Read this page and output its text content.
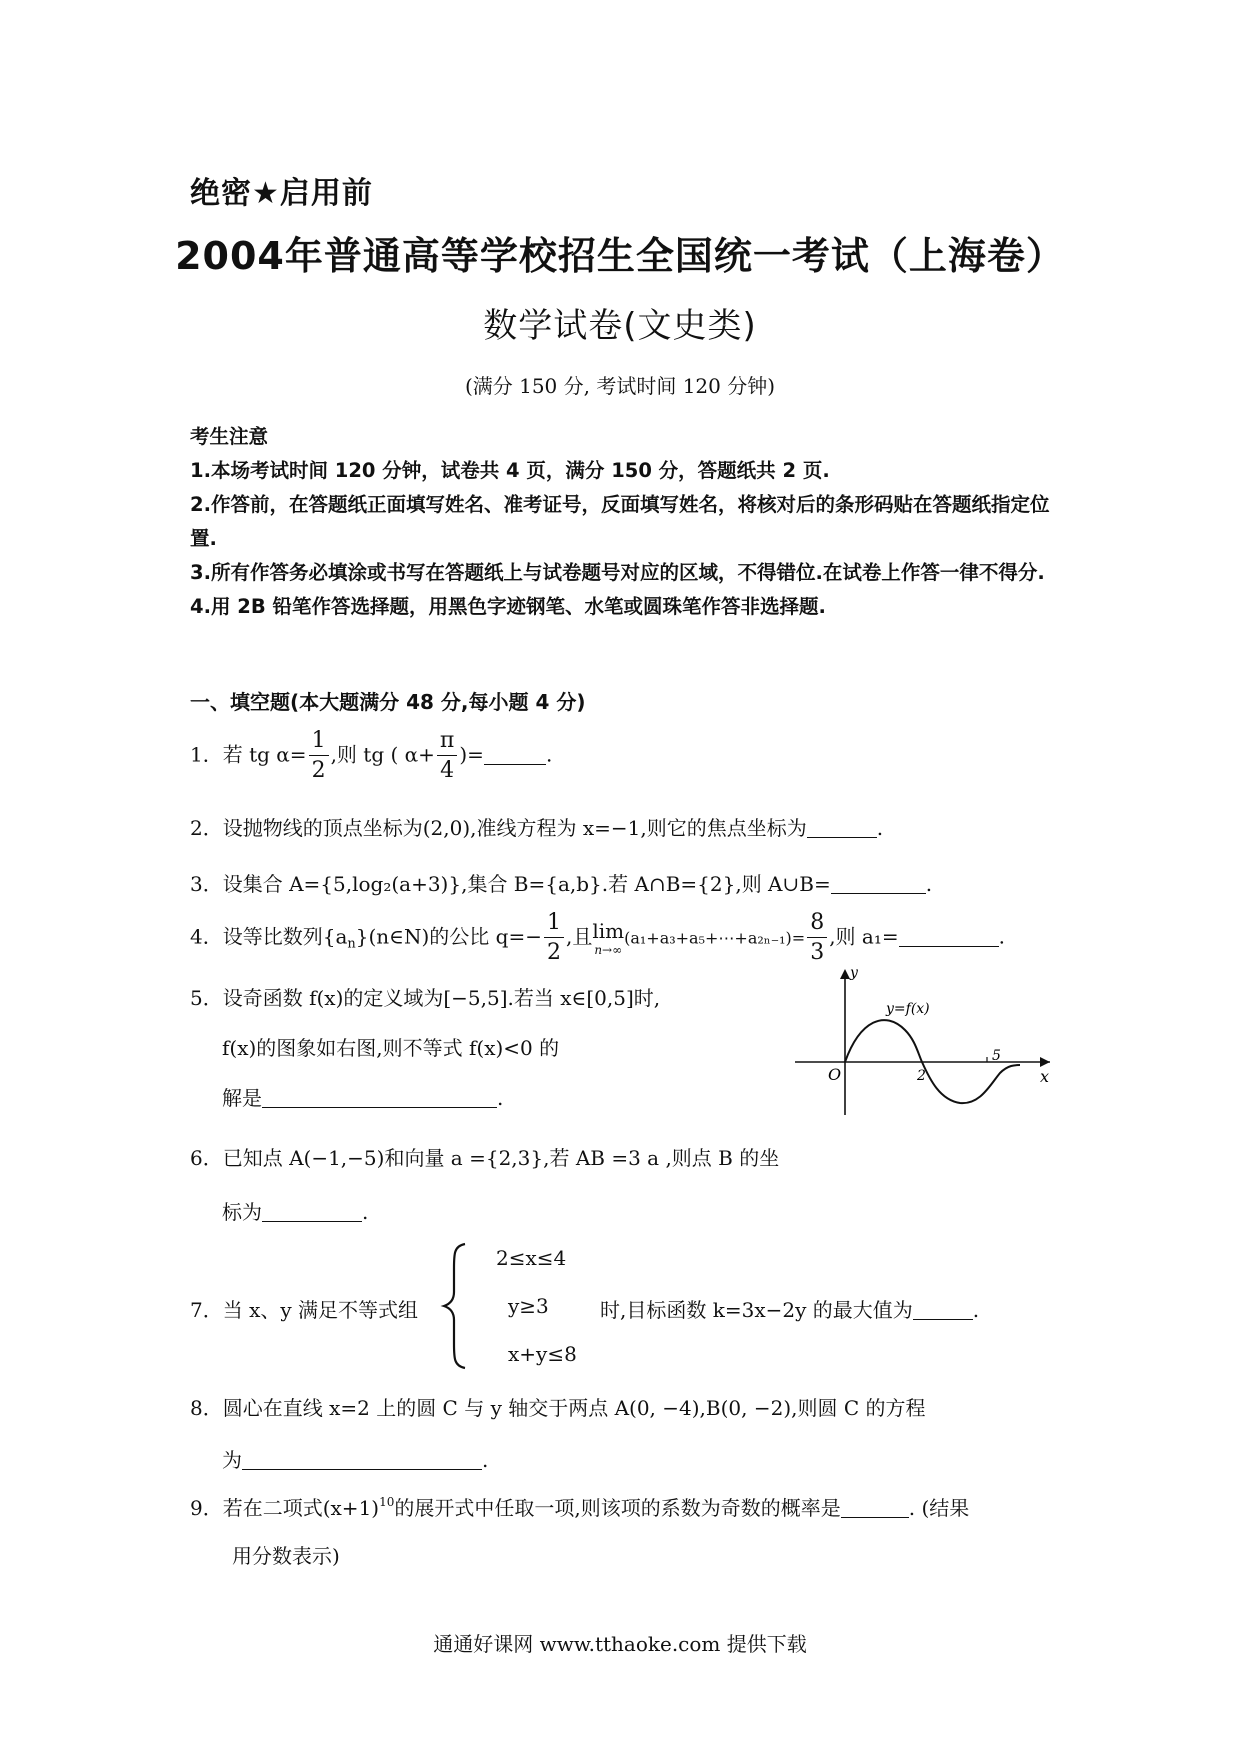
绝密★启用前
2004年普通高等学校招生全国统一考试（上海卷）
数学试卷(文史类)
(满分 150 分, 考试时间 120 分钟)
考生注意
1.本场考试时间 120 分钟，试卷共 4 页，满分 150 分，答题纸共 2 页.
2.作答前，在答题纸正面填写姓名、准考证号，反面填写姓名，将核对后的条形码贴在答题纸指定位置.
3.所有作答务必填涂或书写在答题纸上与试卷题号对应的区域，不得错位.在试卷上作答一律不得分.
4.用 2B 铅笔作答选择题，用黑色字迹钢笔、水笔或圆珠笔作答非选择题.
一、填空题(本大题满分 48 分,每小题 4 分)
1．若 tg $\alpha= \frac{1}{2}$ ,则 tg ( $\alpha+ \frac{\pi}{4}$ )=	.
2．设抛物线的顶点坐标为(2,0),准线方程为 x=−1,则它的焦点坐标为	.
3．设集合 A={5,log₂(a+3)},集合 B={a,b}.若 A∩B={2},则 A∪B=	.
4．设等比数列$\{a_n\}(n\in N)$的公比 $q=- \frac{1}{2}$ ,且 lim
n→∞
(a₁+a₃+a₅+⋯+a₂ₙ₋₁)= $\frac{8}{3}$ ,则 a₁=	.
5．设奇函数 f(x)的定义域为[−5,5].若当 x∈[0,5]时,
f(x)的图象如右图,则不等式 f(x)<0 的
解是	.
y
x
O
y=f(x)
2
5
6．已知点 A(−1,−5)和向量 a ={2,3},若 AB =3 a ,则点 B 的坐
标为	.
7．当 x、y 满足不等式组
2≤x≤4
y≥3
x+y≤8
时,目标函数 k=3x−2y 的最大值为	.
8．圆心在直线 x=2 上的圆 C 与 y 轴交于两点 A(0, −4),B(0, −2),则圆 C 的方程
为	.
9．若在二项式$(x+1)^{10}$的展开式中任取一项,则该项的系数为奇数的概率是	. (结果
用分数表示)
通通好课网 www.tthaoke.com 提供下载
